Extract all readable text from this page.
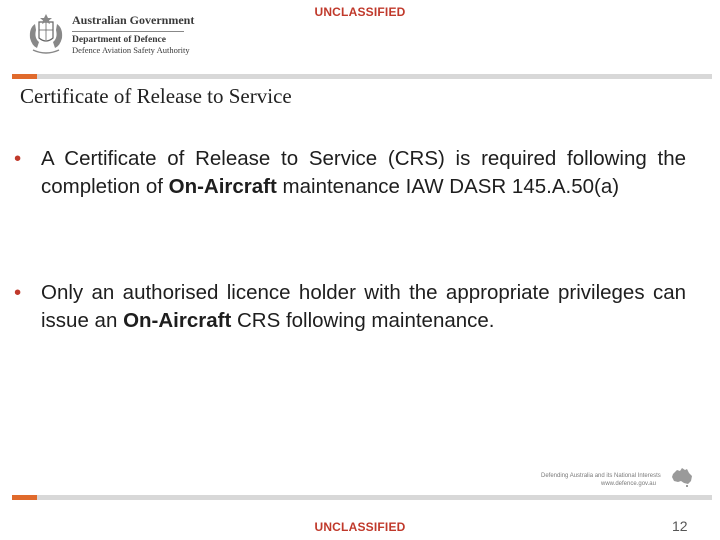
UNCLASSIFIED
Australian Government
Department of Defence
Defence Aviation Safety Authority
Certificate of Release to Service
• A Certificate of Release to Service (CRS) is required following the completion of On-Aircraft maintenance IAW DASR 145.A.50(a)
• Only an authorised licence holder with the appropriate privileges can issue an On-Aircraft CRS following maintenance.
Defending Australia and its National Interests
www.defence.gov.au
UNCLASSIFIED	12
